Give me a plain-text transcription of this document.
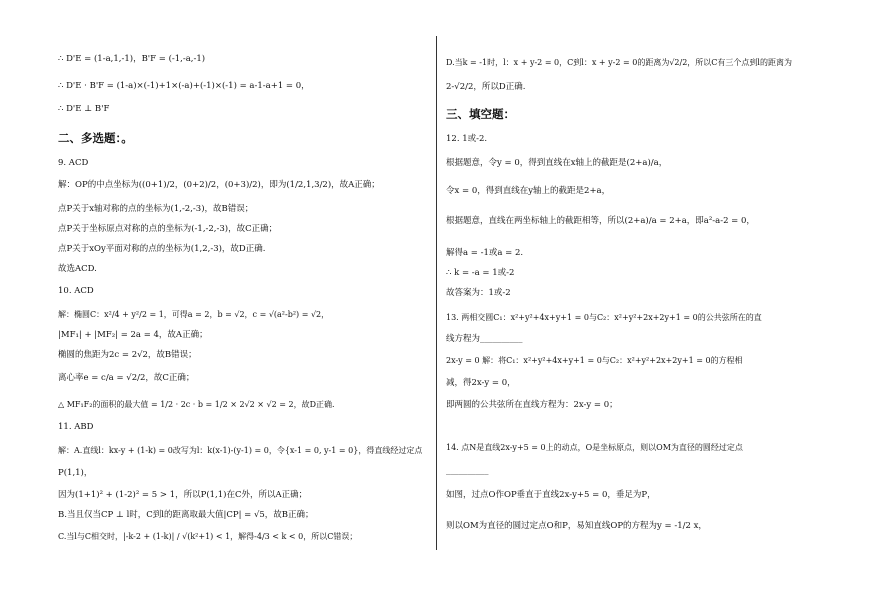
∴ D'E = (1-a,1,-1)，B'F = (-1,-a,-1)
∴ D'E · B'F = (1-a)×(-1)+1×(-a)+(-1)×(-1) = a-1-a+1 = 0，
∴ D'E ⊥ B'F
二、多选题：。
9. ACD
解：OP的中点坐标为((0+1)/2，(0+2)/2，(0+3)/2)，即为(1/2,1,3/2)，故A正确；
点P关于x轴对称的点的坐标为(1,-2,-3)，故B错误；
点P关于坐标原点对称的点的坐标为(-1,-2,-3)，故C正确；
点P关于xOy平面对称的点的坐标为(1,2,-3)，故D正确.
故选ACD.
10. ACD
解：椭圆C：x²/4 + y²/2 = 1，可得a = 2，b = √2，c = √(a²-b²) = √2，
|MF₁| + |MF₂| = 2a = 4，故A正确；
椭圆的焦距为2c = 2√2，故B错误；
离心率e = c/a = √2/2，故C正确；
△ MF₁F₂的面积的最大值 = 1/2 · 2c · b = 1/2 × 2√2 × √2 = 2，故D正确.
11. ABD
解：A.直线l：kx-y + (1-k) = 0改写为l：k(x-1)-(y-1) = 0，令{x-1 = 0, y-1 = 0}，得直线经过定点
P(1,1)，
因为(1+1)² + (1-2)² = 5 > 1，所以P(1,1)在C外，所以A正确；
B.当且仅当CP ⊥ l时，C到l的距离取最大值|CP| = √5，故B正确；
C.当l与C相交时，|-k-2 + (1-k)| / √(k²+1) < 1，解得-4/3 < k < 0，所以C错误；
D.当k = -1时，l：x + y-2 = 0，C到l：x + y-2 = 0的距离为√2/2，所以C有三个点到l的距离为
2-√2/2，所以D正确.
三、填空题：
12. 1或-2.
根据题意，令y = 0，得到直线在x轴上的截距是(2+a)/a，
令x = 0，得到直线在y轴上的截距是2+a，
根据题意，直线在两坐标轴上的截距相等，所以(2+a)/a = 2+a，即a²-a-2 = 0，
解得a = -1或a = 2.
∴ k = -a = 1或-2
故答案为：1或-2
13. 两相交圆C₁：x²+y²+4x+y+1 = 0与C₂：x²+y²+2x+2y+1 = 0的公共弦所在的直
线方程为__________
2x-y = 0 解：将C₁：x²+y²+4x+y+1 = 0与C₂：x²+y²+2x+2y+1 = 0的方程相
减，得2x-y = 0，
即两圆的公共弦所在直线方程为：2x-y = 0；
14. 点N是直线2x-y+5 = 0上的动点，O是坐标原点，则以OM为直径的圆经过定点
__________
如图，过点O作OP垂直于直线2x-y+5 = 0，垂足为P，
则以OM为直径的圆过定点O和P，易知直线OP的方程为y = -1/2 x，
